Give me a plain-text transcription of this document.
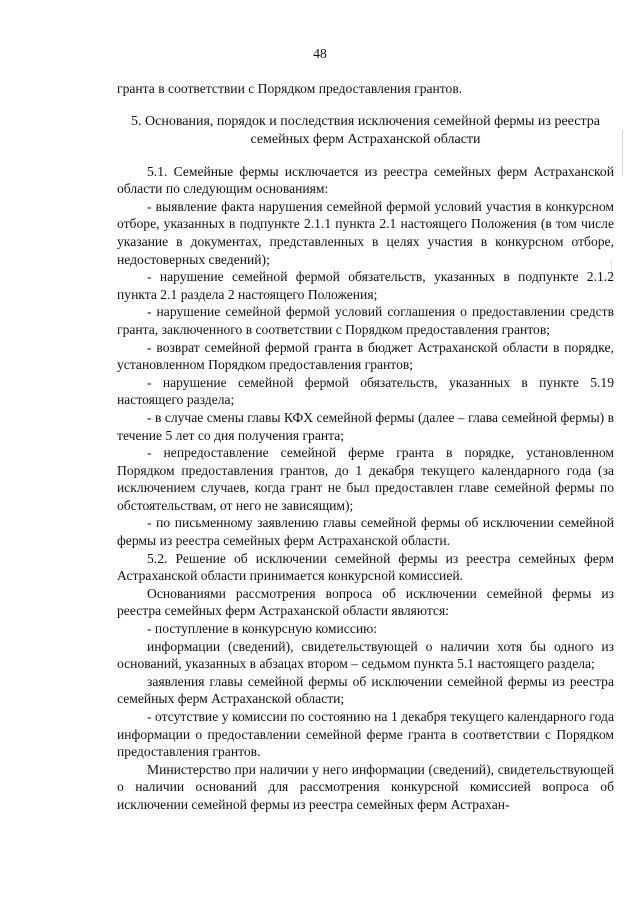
48

гранта в соответствии с Порядком предоставления грантов.

5. Основания, порядок и последствия исключения семейной фермы из реестра семейных ферм Астраханской области

5.1. Семейные фермы исключается из реестра семейных ферм Астраханской области по следующим основаниям:

- выявление факта нарушения семейной фермой условий участия в конкурсном отборе, указанных в подпункте 2.1.1 пункта 2.1 настоящего Положения (в том числе указание в документах, представленных в целях участия в конкурсном отборе, недостоверных сведений);

- нарушение семейной фермой обязательств, указанных в подпункте 2.1.2 пункта 2.1 раздела 2 настоящего Положения;

- нарушение семейной фермой условий соглашения о предоставлении средств гранта, заключенного в соответствии с Порядком предоставления грантов;

- возврат семейной фермой гранта в бюджет Астраханской области в порядке, установленном Порядком предоставления грантов;

- нарушение семейной фермой обязательств, указанных в пункте 5.19 настоящего раздела;

- в случае смены главы КФХ семейной фермы (далее – глава семейной фермы) в течение 5 лет со дня получения гранта;

- непредоставление семейной ферме гранта в порядке, установленном Порядком предоставления грантов, до 1 декабря текущего календарного года (за исключением случаев, когда грант не был предоставлен главе семейной фермы по обстоятельствам, от него не зависящим);

- по письменному заявлению главы семейной фермы об исключении семейной фермы из реестра семейных ферм Астраханской области.

5.2. Решение об исключении семейной фермы из реестра семейных ферм Астраханской области принимается конкурсной комиссией.

Основаниями рассмотрения вопроса об исключении семейной фермы из реестра семейных ферм Астраханской области являются:

- поступление в конкурсную комиссию:

информации (сведений), свидетельствующей о наличии хотя бы одного из оснований, указанных в абзацах втором – седьмом пункта 5.1 настоящего раздела;

заявления главы семейной фермы об исключении семейной фермы из реестра семейных ферм Астраханской области;

- отсутствие у комиссии по состоянию на 1 декабря текущего календарного года информации о предоставлении семейной ферме гранта в соответствии с Порядком предоставления грантов.

Министерство при наличии у него информации (сведений), свидетельствующей о наличии оснований для рассмотрения конкурсной комиссией вопроса об исключении семейной фермы из реестра семейных ферм Астрахан-
